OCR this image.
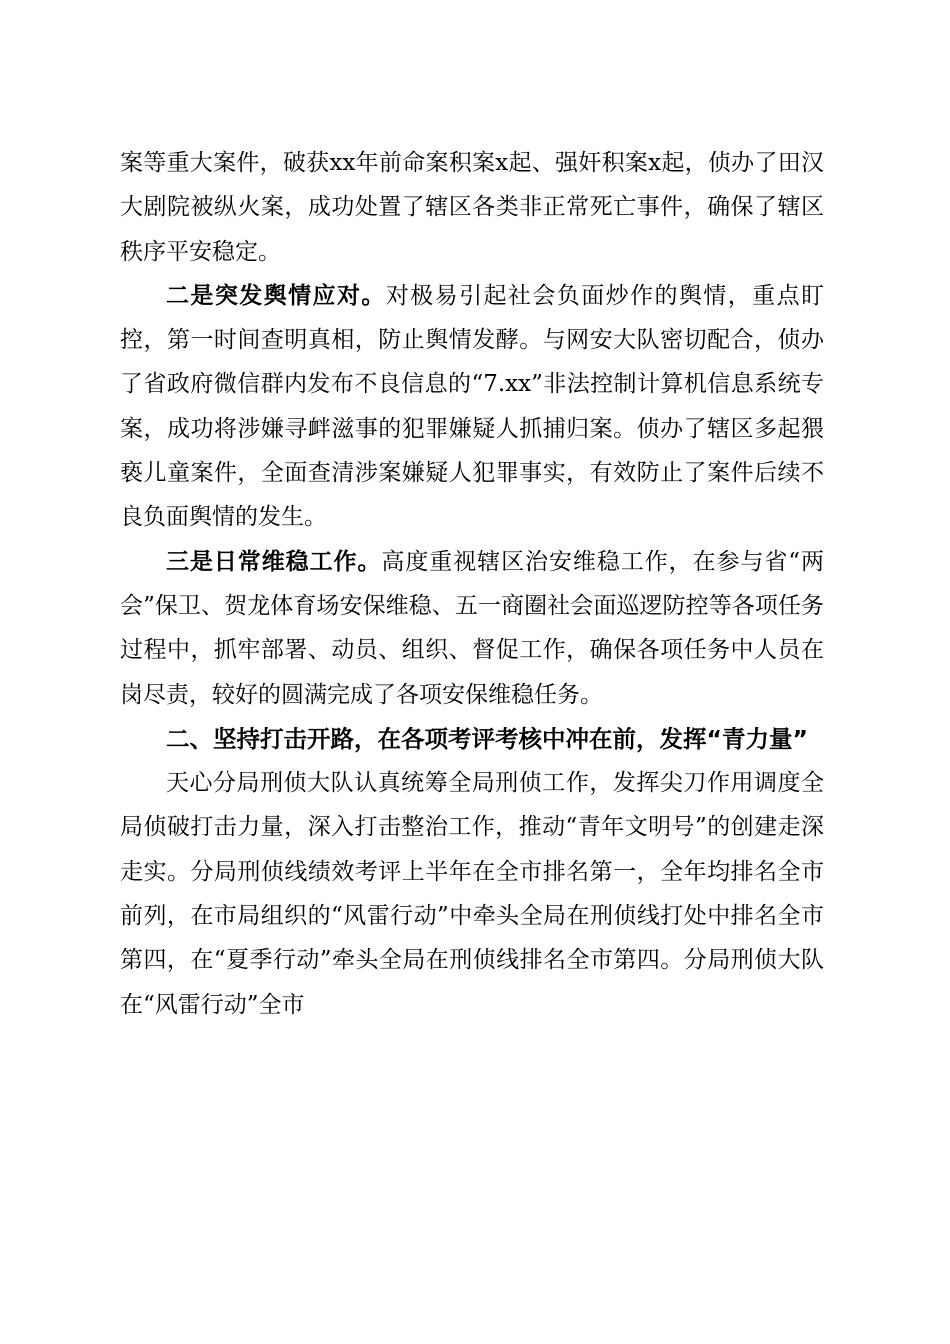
案等重大案件，破获xx年前命案积案x起、强奸积案x起，侦办了田汉大剧院被纵火案，成功处置了辖区各类非正常死亡事件，确保了辖区秩序平安稳定。

二是突发舆情应对。对极易引起社会负面炒作的舆情，重点盯控，第一时间查明真相，防止舆情发酵。与网安大队密切配合，侦办了省政府微信群内发布不良信息的“7.xx”非法控制计算机信息系统专案，成功将涉嫌寻衅滋事的犯罪嫌疑人抓捕归案。侦办了辖区多起猥亵儿童案件，全面查清涉案嫌疑人犯罪事实，有效防止了案件后续不良负面舆情的发生。

三是日常维稳工作。高度重视辖区治安维稳工作，在参与省“两会”保卫、贺龙体育场安保维稳、五一商圈社会面巡逻防控等各项任务过程中，抓牢部署、动员、组织、督促工作，确保各项任务中人员在岗尽责，较好的圆满完成了各项安保维稳任务。

二、坚持打击开路，在各项考评考核中冲在前，发挥“青力量”

天心分局刑侦大队认真统筹全局刑侦工作，发挥尖刀作用调度全局侦破打击力量，深入打击整治工作，推动“青年文明号”的创建走深走实。分局刑侦线绩效考评上半年在全市排名第一，全年均排名全市前列，在市局组织的“风雷行动”中牵头全局在刑侦线打处中排名全市第四，在“夏季行动”牵头全局在刑侦线排名全市第四。分局刑侦大队在“风雷行动”全市
